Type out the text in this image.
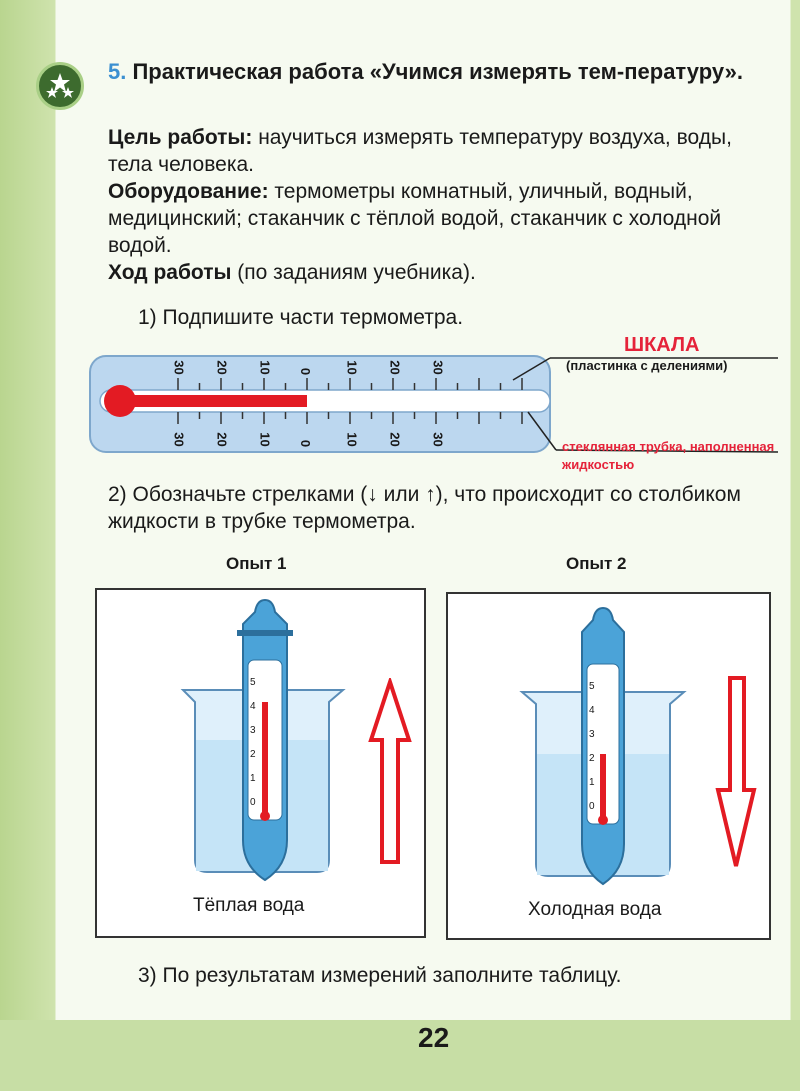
5. Практическая работа «Учимся измерять тем-пературу».
Цель работы: научиться измерять температуру воздуха, воды, тела человека.
Оборудование: термометры комнатный, уличный, водный, медицинский; стаканчик с тёплой водой, стаканчик с холодной водой.
Ход работы (по заданиям учебника).
1) Подпишите части термометра.
30 20 10 0 10 20 30
30 20 10 0 10 20 30
ШКАЛА
(пластинка с делениями)
стеклянная трубка, наполненная жидкостью
2) Обозначьте стрелками (↓ или ↑), что происходит со столбиком жидкости в трубке термометра.
Опыт 1	Опыт 2
Тёплая вода	Холодная вода
5
4
3
2
1
0
5
4
3
2
1
0
3) По результатам измерений заполните таблицу.
22
